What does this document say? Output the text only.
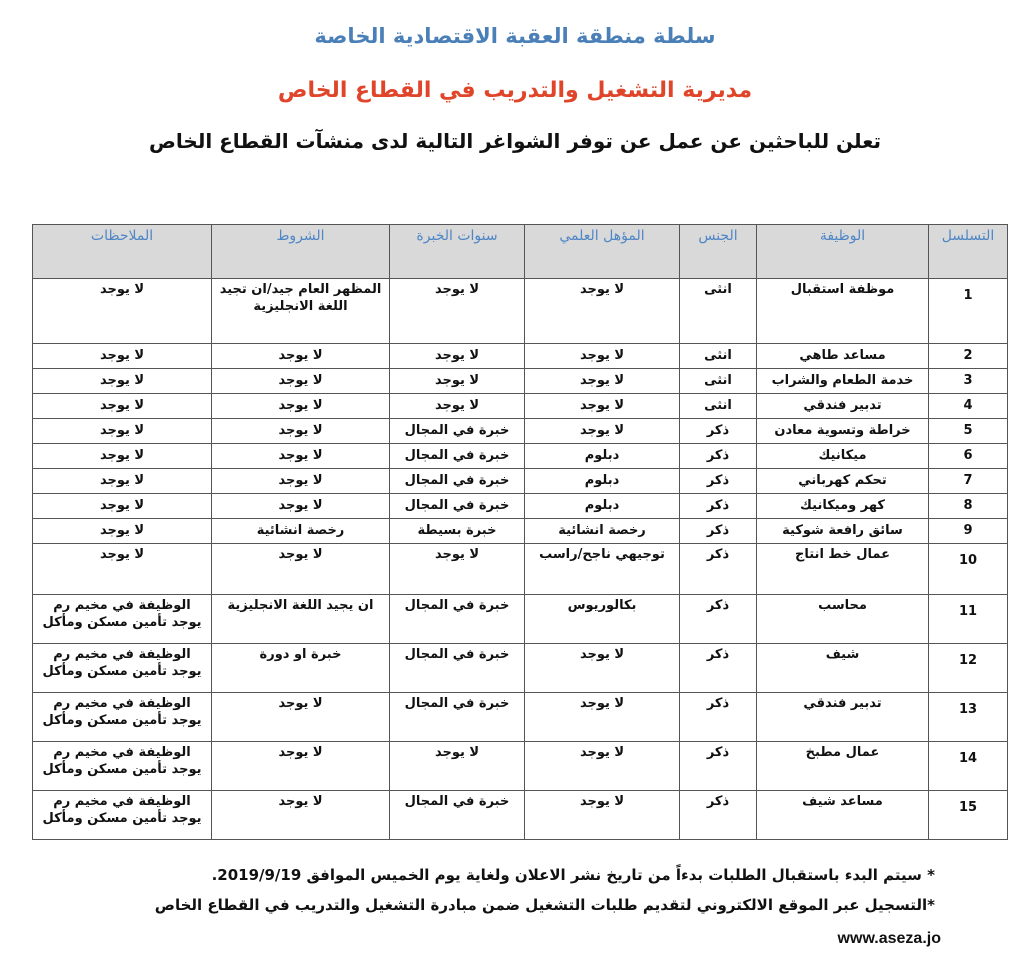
سلطة منطقة العقبة الاقتصادية الخاصة
مديرية التشغيل والتدريب في القطاع الخاص
تعلن للباحثين عن عمل عن توفر الشواغر التالية لدى منشآت القطاع الخاص
التسلسل	الوظيفة	الجنس	المؤهل العلمي	سنوات الخبرة	الشروط	الملاحظات
1	موظفة استقبال	انثى	لا يوجد	لا يوجد	المظهر العام جيد/ان تجيد اللغة الانجليزية	لا يوجد
2	مساعد طاهي	انثى	لا يوجد	لا يوجد	لا يوجد	لا يوجد
3	خدمة الطعام والشراب	انثى	لا يوجد	لا يوجد	لا يوجد	لا يوجد
4	تدبير فندقي	انثى	لا يوجد	لا يوجد	لا يوجد	لا يوجد
5	خراطة وتسوية معادن	ذكر	لا يوجد	خبرة في المجال	لا يوجد	لا يوجد
6	ميكانيك	ذكر	دبلوم	خبرة في المجال	لا يوجد	لا يوجد
7	تحكم كهرباني	ذكر	دبلوم	خبرة في المجال	لا يوجد	لا يوجد
8	كهر وميكانيك	ذكر	دبلوم	خبرة في المجال	لا يوجد	لا يوجد
9	سائق رافعة شوكية	ذكر	رخصة انشائية	خبرة بسيطة	رخصة انشائية	لا يوجد
10	عمال خط انتاج	ذكر	توجيهي ناجح/راسب	لا يوجد	لا يوجد	لا يوجد
11	محاسب	ذكر	بكالوريوس	خبرة في المجال	ان يجيد اللغة الانجليزية	الوظيفة في مخيم رم يوجد تأمين مسكن ومأكل
12	شيف	ذكر	لا يوجد	خبرة في المجال	خبرة او دورة	الوظيفة في مخيم رم يوجد تأمين مسكن ومأكل
13	تدبير فندقي	ذكر	لا يوجد	خبرة في المجال	لا يوجد	الوظيفة في مخيم رم يوجد تأمين مسكن ومأكل
14	عمال مطبخ	ذكر	لا يوجد	لا يوجد	لا يوجد	الوظيفة في مخيم رم يوجد تأمين مسكن ومأكل
15	مساعد شيف	ذكر	لا يوجد	خبرة في المجال	لا يوجد	الوظيفة في مخيم رم يوجد تأمين مسكن ومأكل
* سيتم البدء باستقبال الطلبات بدءاً من تاريخ نشر الاعلان ولغاية يوم الخميس الموافق 2019/9/19.
*التسجيل عبر الموقع الالكتروني لتقديم طلبات التشغيل ضمن مبادرة التشغيل والتدريب في القطاع الخاص
www.aseza.jo
